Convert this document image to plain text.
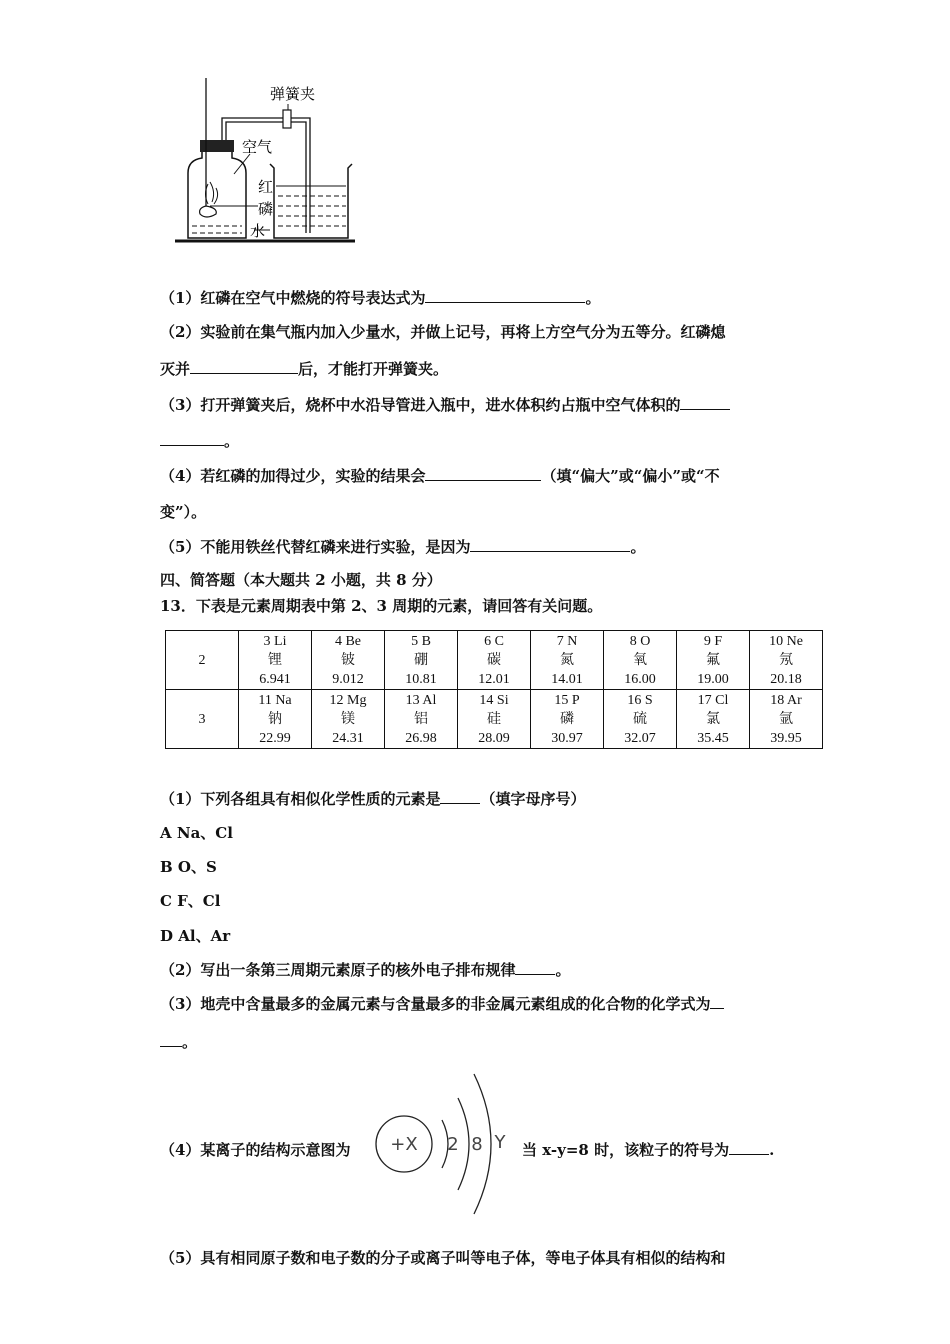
弹簧夹
空气
红
磷
水
（1）红磷在空气中燃烧的符号表达式为	。
（2）实验前在集气瓶内加入少量水，并做上记号，再将上方空气分为五等分。红磷熄
灭并	后，才能打开弹簧夹。
（3）打开弹簧夹后，烧杯中水沿导管进入瓶中，进水体积约占瓶中空气体积的
。
（4）若红磷的加得过少，实验的结果会	（填“偏大”或“偏小”或“不
变”）。
（5）不能用铁丝代替红磷来进行实验，是因为	。
四、简答题（本大题共 2 小题，共 8 分）
13．下表是元素周期表中第 2、3 周期的元素，请回答有关问题。
2	3 Li
锂
6.941	4 Be
铍
9.012	5 B
硼
10.81	6 C
碳
12.01	7 N
氮
14.01	8 O
氧
16.00	9 F
氟
19.00	10 Ne
氖
20.18

3	11 Na
钠
22.99	12 Mg
镁
24.31	13 Al
铝
26.98	14 Si
硅
28.09	15 P
磷
30.97	16 S
硫
32.07	17 Cl
氯
35.45	18 Ar
氩
39.95
（1）下列各组具有相似化学性质的元素是	（填字母序号）
A Na、Cl
B O、S
C F、Cl
D Al、Ar
（2）写出一条第三周期元素原子的核外电子排布规律	。
（3）地壳中含量最多的金属元素与含量最多的非金属元素组成的化合物的化学式为
。
（4）某离子的结构示意图为 +X 2 8 Y 当 x-y=8 时，该粒子的符号为	.
（5）具有相同原子数和电子数的分子或离子叫等电子体，等电子体具有相似的结构和
